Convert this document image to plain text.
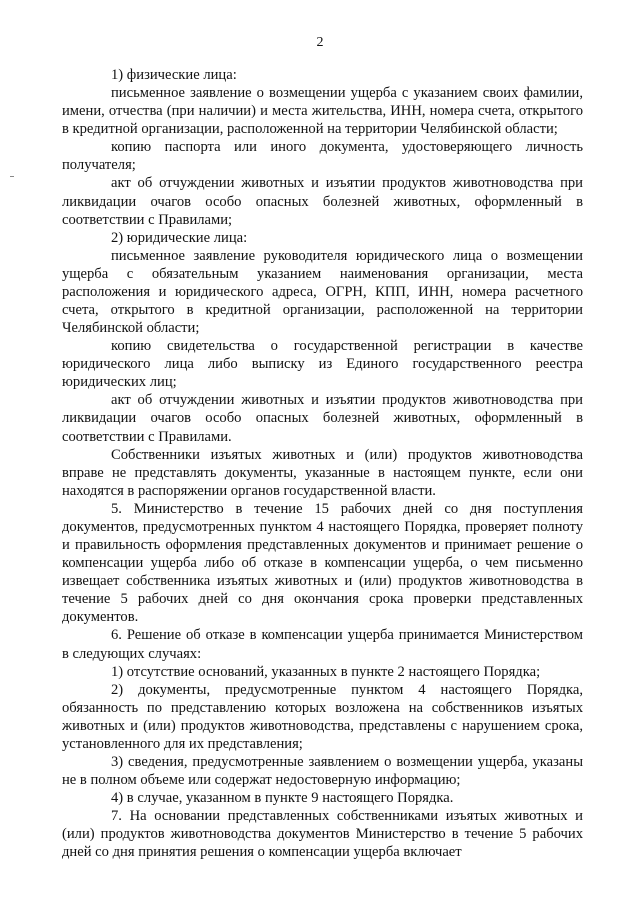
2

1) физические лица:

письменное заявление о возмещении ущерба с указанием своих фамилии, имени, отчества (при наличии) и места жительства, ИНН, номера счета, открытого в кредитной организации, расположенной на территории Челябинской области;

копию паспорта или иного документа, удостоверяющего личность получателя;

акт об отчуждении животных и изъятии продуктов животноводства при ликвидации очагов особо опасных болезней животных, оформленный в соответствии с Правилами;

2) юридические лица:

письменное заявление руководителя юридического лица о возмещении ущерба с обязательным указанием наименования организации, места расположения и юридического адреса, ОГРН, КПП, ИНН, номера расчетного счета, открытого в кредитной организации, расположенной на территории Челябинской области;

копию свидетельства о государственной регистрации в качестве юридического лица либо выписку из Единого государственного реестра юридических лиц;

акт об отчуждении животных и изъятии продуктов животноводства при ликвидации очагов особо опасных болезней животных, оформленный в соответствии с Правилами.

Собственники изъятых животных и (или) продуктов животноводства вправе не представлять документы, указанные в настоящем пункте, если они находятся в распоряжении органов государственной власти.

5. Министерство в течение 15 рабочих дней со дня поступления документов, предусмотренных пунктом 4 настоящего Порядка, проверяет полноту и правильность оформления представленных документов и принимает решение о компенсации ущерба либо об отказе в компенсации ущерба, о чем письменно извещает собственника изъятых животных и (или) продуктов животноводства в течение 5 рабочих дней со дня окончания срока проверки представленных документов.

6. Решение об отказе в компенсации ущерба принимается Министерством в следующих случаях:

1) отсутствие оснований, указанных в пункте 2 настоящего Порядка;

2) документы, предусмотренные пунктом 4 настоящего Порядка, обязанность по представлению которых возложена на собственников изъятых животных и (или) продуктов животноводства, представлены с нарушением срока, установленного для их представления;

3) сведения, предусмотренные заявлением о возмещении ущерба, указаны не в полном объеме или содержат недостоверную информацию;

4) в случае, указанном в пункте 9 настоящего Порядка.

7. На основании представленных собственниками изъятых животных и (или) продуктов животноводства документов Министерство в течение 5 рабочих дней со дня принятия решения о компенсации ущерба включает
